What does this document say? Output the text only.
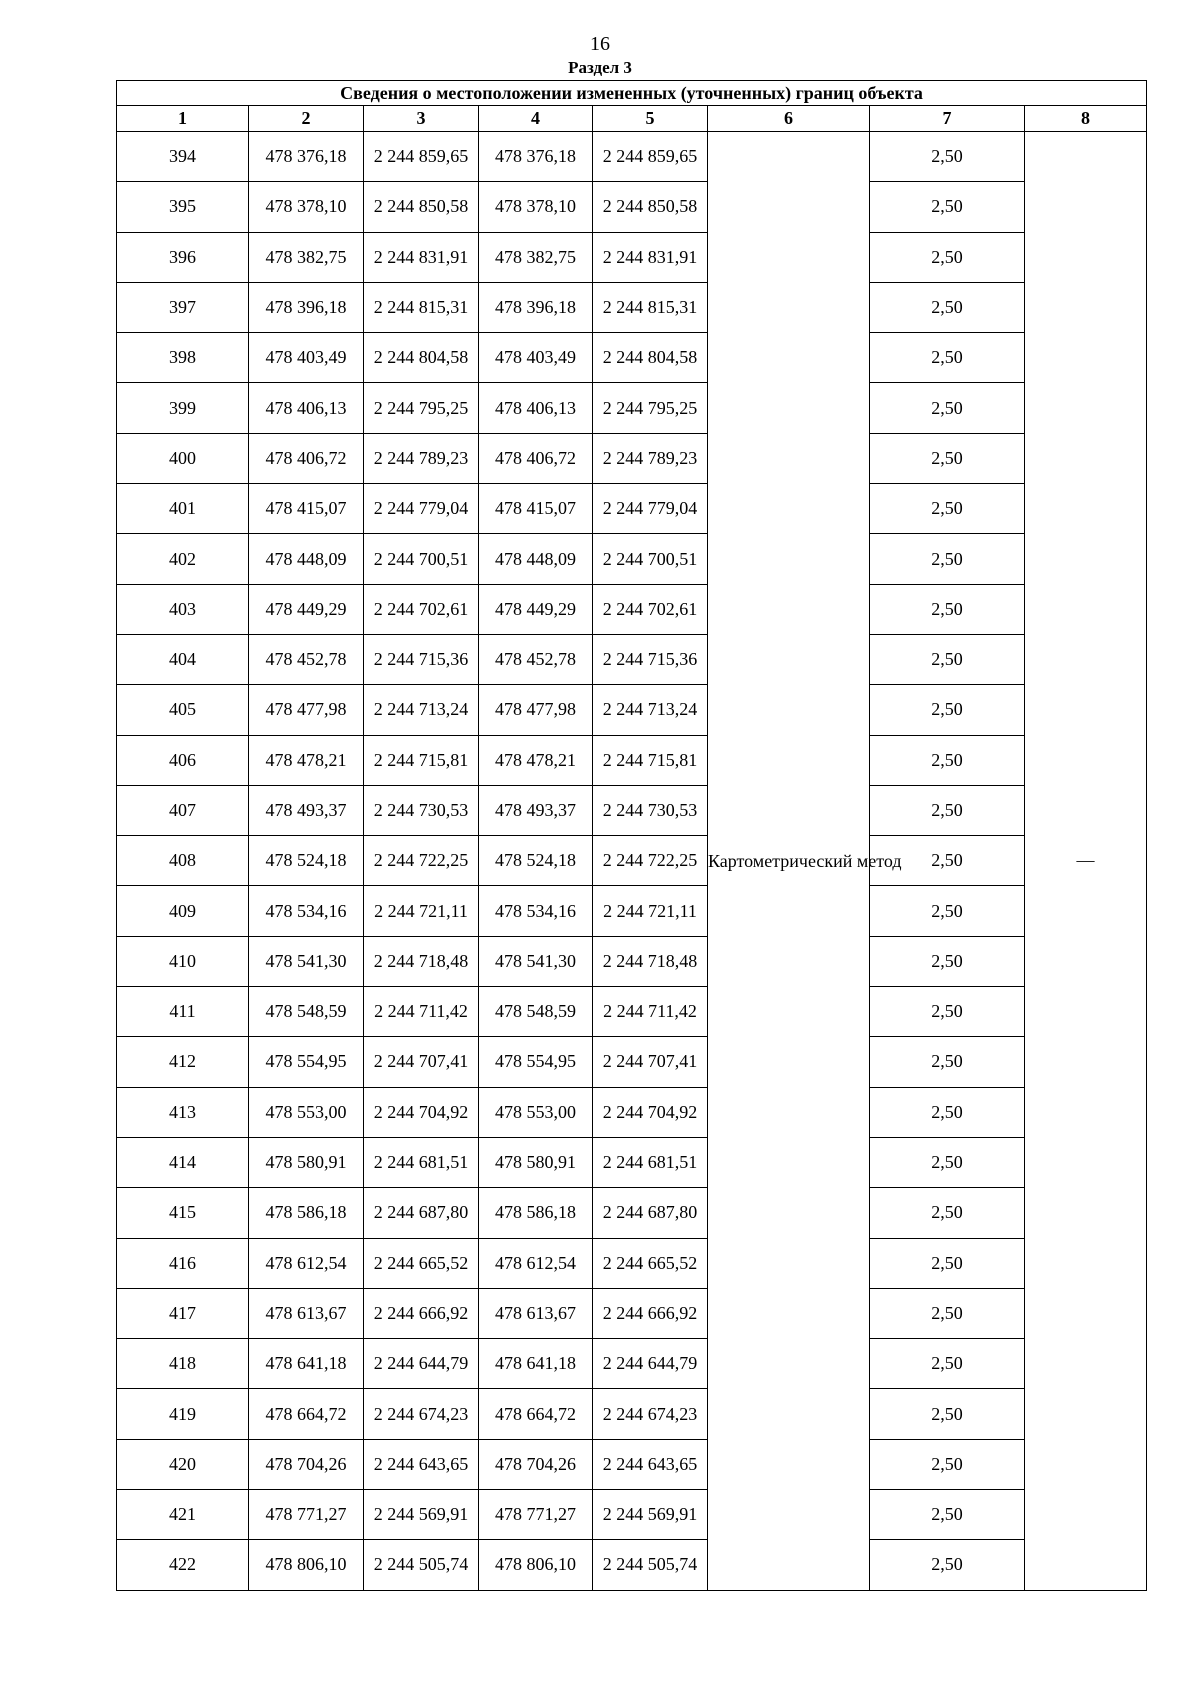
16
Раздел 3
Сведения о местоположении измененных (уточненных) границ объекта							
1	2	3	4	5	6	7	8
394	478 376,18	2 244 859,65	478 376,18	2 244 859,65	Картометрический метод	2,50	—
395	478 378,10	2 244 850,58	478 378,10	2 244 850,58		2,50	
396	478 382,75	2 244 831,91	478 382,75	2 244 831,91		2,50	
397	478 396,18	2 244 815,31	478 396,18	2 244 815,31		2,50	
398	478 403,49	2 244 804,58	478 403,49	2 244 804,58		2,50	
399	478 406,13	2 244 795,25	478 406,13	2 244 795,25		2,50	
400	478 406,72	2 244 789,23	478 406,72	2 244 789,23		2,50	
401	478 415,07	2 244 779,04	478 415,07	2 244 779,04		2,50	
402	478 448,09	2 244 700,51	478 448,09	2 244 700,51		2,50	
403	478 449,29	2 244 702,61	478 449,29	2 244 702,61		2,50	
404	478 452,78	2 244 715,36	478 452,78	2 244 715,36		2,50	
405	478 477,98	2 244 713,24	478 477,98	2 244 713,24		2,50	
406	478 478,21	2 244 715,81	478 478,21	2 244 715,81		2,50	
407	478 493,37	2 244 730,53	478 493,37	2 244 730,53		2,50	
408	478 524,18	2 244 722,25	478 524,18	2 244 722,25		2,50	
409	478 534,16	2 244 721,11	478 534,16	2 244 721,11		2,50	
410	478 541,30	2 244 718,48	478 541,30	2 244 718,48		2,50	
411	478 548,59	2 244 711,42	478 548,59	2 244 711,42		2,50	
412	478 554,95	2 244 707,41	478 554,95	2 244 707,41		2,50	
413	478 553,00	2 244 704,92	478 553,00	2 244 704,92		2,50	
414	478 580,91	2 244 681,51	478 580,91	2 244 681,51		2,50	
415	478 586,18	2 244 687,80	478 586,18	2 244 687,80		2,50	
416	478 612,54	2 244 665,52	478 612,54	2 244 665,52		2,50	
417	478 613,67	2 244 666,92	478 613,67	2 244 666,92		2,50	
418	478 641,18	2 244 644,79	478 641,18	2 244 644,79		2,50	
419	478 664,72	2 244 674,23	478 664,72	2 244 674,23		2,50	
420	478 704,26	2 244 643,65	478 704,26	2 244 643,65		2,50	
421	478 771,27	2 244 569,91	478 771,27	2 244 569,91		2,50	
422	478 806,10	2 244 505,74	478 806,10	2 244 505,74		2,50	
